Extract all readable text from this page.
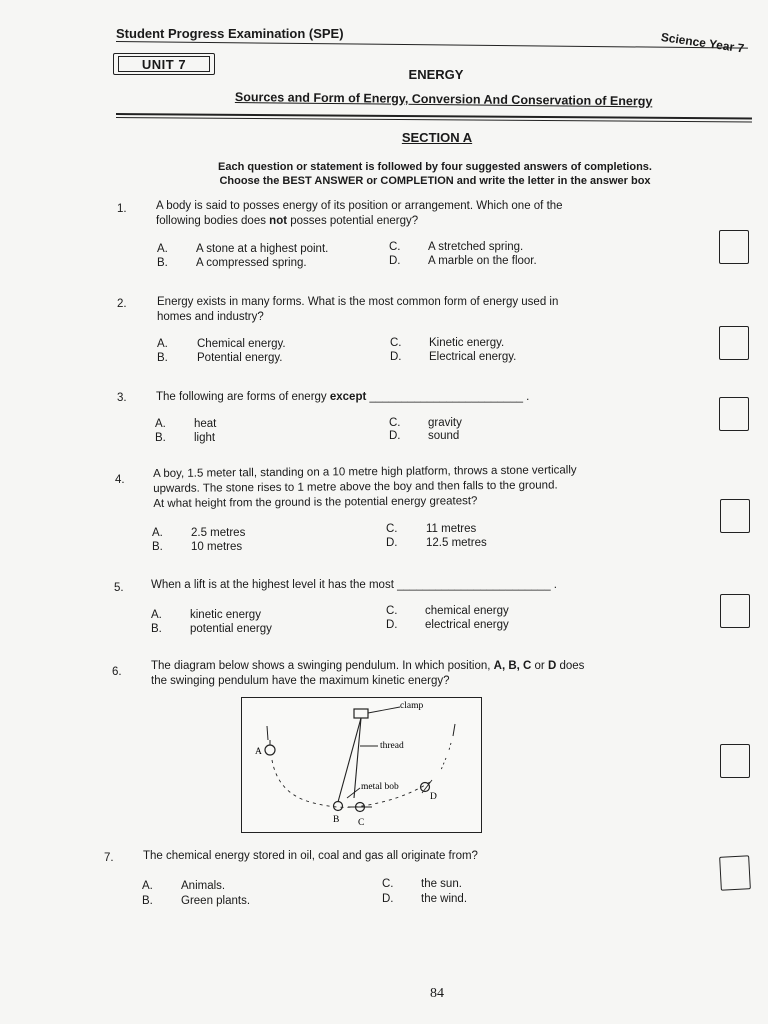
Student Progress Examination (SPE)	Science Year 7
UNIT 7
ENERGY
Sources and Form of Energy, Conversion And Conservation of Energy
SECTION A
Each question or statement is followed by four suggested answers of completions.
Choose the BEST ANSWER or COMPLETION and write the letter in the answer box
1.	A body is said to posses energy of its position or arrangement. Which one of the
following bodies does not posses potential energy?
A. A stone at a highest point.
B. A compressed spring.
C. A stretched spring.
D. A marble on the floor.
2.	Energy exists in many forms. What is the most common form of energy used in
homes and industry?
A.	Chemical energy.
B.	Potential energy.
C. Kinetic energy.
D. Electrical energy.
3.	The following are forms of energy except ________________________ .
A. heat
B. light
C. gravity
D. sound
4.
A boy, 1.5 meter tall, standing on a 10 metre high platform, throws a stone vertically
upwards. The stone rises to 1 metre above the boy and then falls to the ground.
At what height from the ground is the potential energy greatest?
A. 2.5 metres
B. 10 metres
C. 11 metres
D. 12.5 metres
5. When a lift is at the highest level it has the most ________________________ .
A. kinetic energy
B. potential energy
C. chemical energy
D. electrical energy
6.	The diagram below shows a swinging pendulum. In which position, A, B, C or D does
the swinging pendulum have the maximum kinetic energy?
clamp
thread
A
B C
D
metal bob
7.	The chemical energy stored in oil, coal and gas all originate from?
A. Animals.
B. Green plants.
C. the sun.
D. the wind.
84
